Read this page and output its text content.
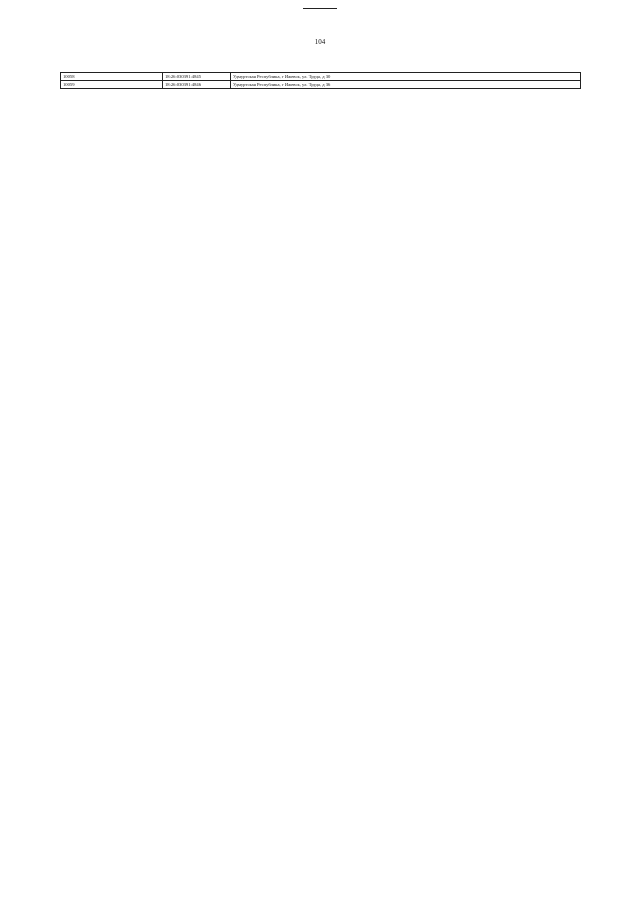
104
10058	18:26:030391:4845	Удмуртская Республика, г Ижевск, ул. Труда, д 30
10059	18:26:030391:4846	Удмуртская Республика, г Ижевск, ул. Труда, д 36
